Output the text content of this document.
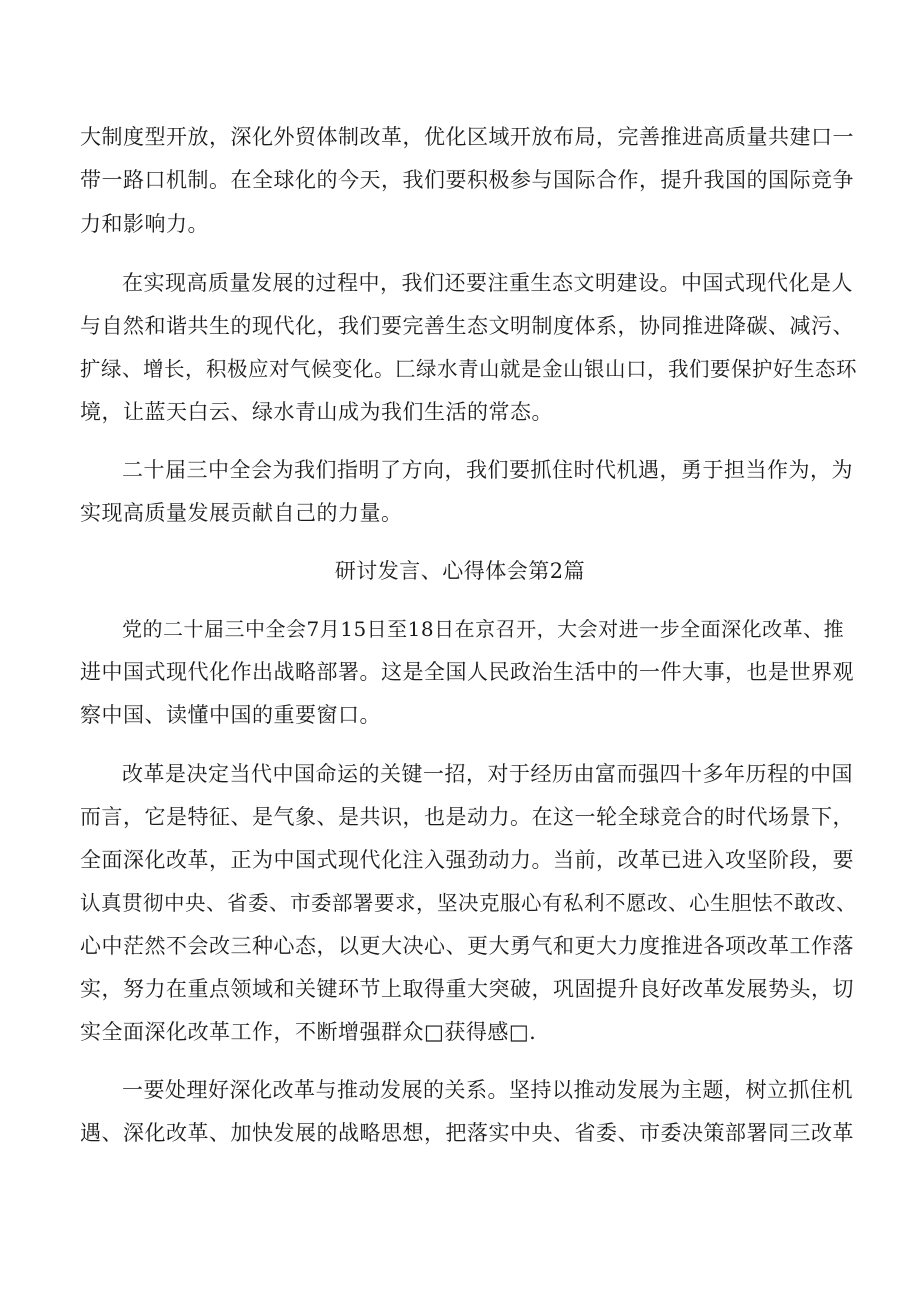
大制度型开放，深化外贸体制改革，优化区域开放布局，完善推进高质量共建口一
带一路口机制。在全球化的今天，我们要积极参与国际合作，提升我国的国际竞争
力和影响力。
在实现高质量发展的过程中，我们还要注重生态文明建设。中国式现代化是人
与自然和谐共生的现代化，我们要完善生态文明制度体系，协同推进降碳、减污、
扩绿、增长，积极应对气候变化。匚绿水青山就是金山银山口，我们要保护好生态环
境，让蓝天白云、绿水青山成为我们生活的常态。
二十届三中全会为我们指明了方向，我们要抓住时代机遇，勇于担当作为，为
实现高质量发展贡献自己的力量。
研讨发言、心得体会第2篇
党的二十届三中全会7月15日至18日在京召开，大会对进一步全面深化改革、推
进中国式现代化作出战略部署。这是全国人民政治生活中的一件大事，也是世界观
察中国、读懂中国的重要窗口。
改革是决定当代中国命运的关键一招，对于经历由富而强四十多年历程的中国
而言，它是特征、是气象、是共识，也是动力。在这一轮全球竞合的时代场景下，
全面深化改革，正为中国式现代化注入强劲动力。当前，改革已进入攻坚阶段，要
认真贯彻中央、省委、市委部署要求，坚决克服心有私利不愿改、心生胆怯不敢改、
心中茫然不会改三种心态，以更大决心、更大勇气和更大力度推进各项改革工作落
实，努力在重点领域和关键环节上取得重大突破，巩固提升良好改革发展势头，切
实全面深化改革工作，不断增强群众□获得感□.
一要处理好深化改革与推动发展的关系。坚持以推动发展为主题，树立抓住机
遇、深化改革、加快发展的战略思想，把落实中央、省委、市委决策部署同三改革
